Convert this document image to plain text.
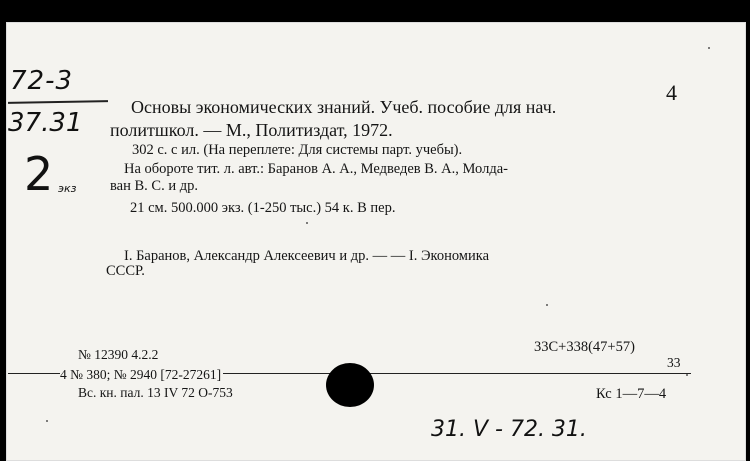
72-3
37.31
2 экз
4
Основы экономических знаний. Учеб. пособие для нач.
политшкол. — М., Политиздат, 1972.
302 с. с ил. (На переплете: Для системы парт. учебы).
На обороте тит. л. авт.: Баранов А. А., Медведев В. А., Молда-
ван В. С. и др.
21 см. 500.000 экз. (1-250 тыс.) 54 к. В пер.
I. Баранов, Александр Алексеевич и др. — — I. Экономика
СССР.
№ 12390 4.2.2
4 № 380; № 2940 [72-27261]
Вс. кн. пал. 13 IV 72 О-753
33С+338(47+57)
33
Кс 1—7—4
31. V - 72. 31.
